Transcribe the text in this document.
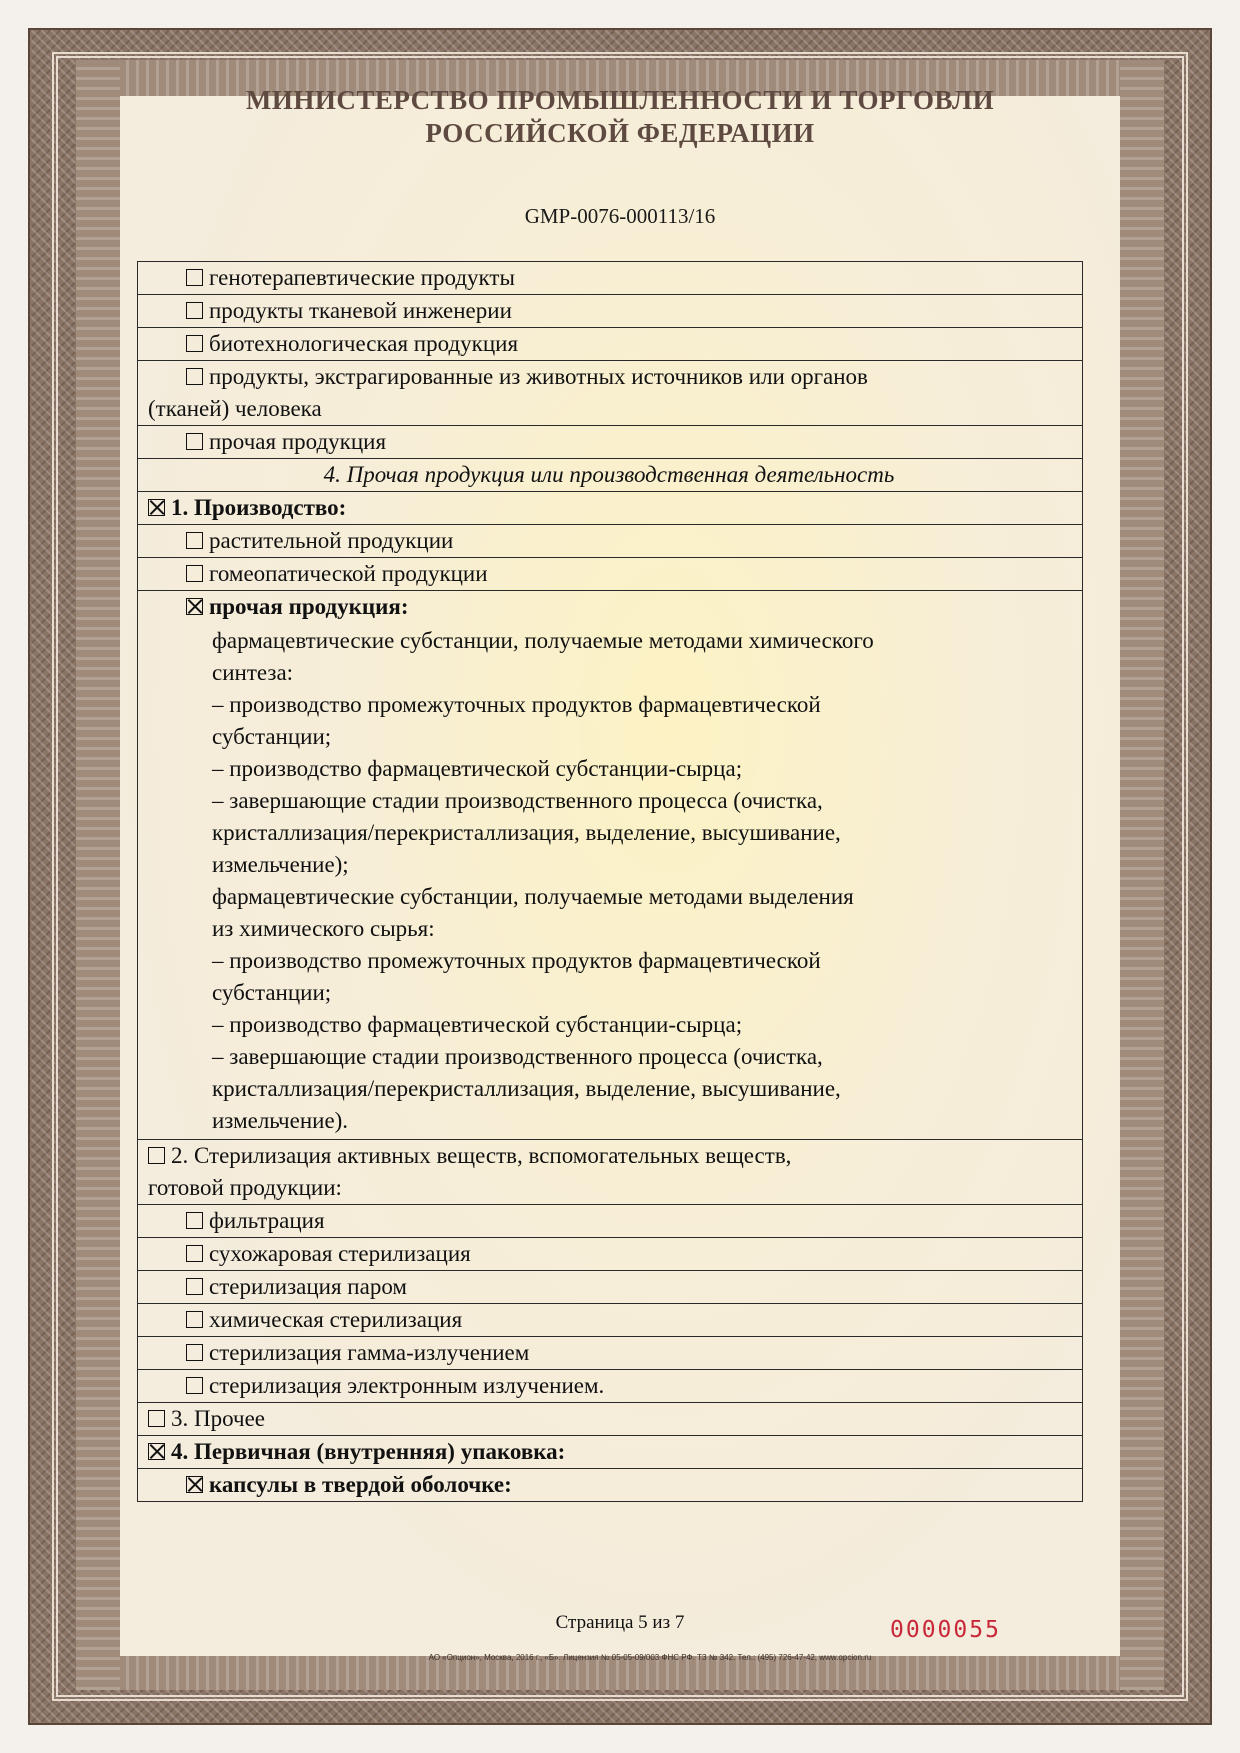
МИНИСТЕРСТВО ПРОМЫШЛЕННОСТИ И ТОРГОВЛИ
РОССИЙСКОЙ ФЕДЕРАЦИИ
GMP-0076-000113/16
генотерапевтические продукты
продукты тканевой инженерии
биотехнологическая продукция
продукты, экстрагированные из животных источников или органов
(тканей) человека
прочая продукция
4. Прочая продукция или производственная деятельность
1. Производство:
растительной продукции
гомеопатической продукции
прочая продукция:
фармацевтические субстанции, получаемые методами химического
синтеза:
– производство промежуточных продуктов фармацевтической
субстанции;
– производство фармацевтической субстанции-сырца;
– завершающие стадии производственного процесса (очистка,
кристаллизация/перекристаллизация, выделение, высушивание,
измельчение);
фармацевтические субстанции, получаемые методами выделения
из химического сырья:
– производство промежуточных продуктов фармацевтической
субстанции;
– производство фармацевтической субстанции-сырца;
– завершающие стадии производственного процесса (очистка,
кристаллизация/перекристаллизация, выделение, высушивание,
измельчение).

2. Стерилизация активных веществ, вспомогательных веществ,
готовой продукции:
фильтрация
сухожаровая стерилизация
стерилизация паром
химическая стерилизация
стерилизация гамма-излучением
стерилизация электронным излучением.
3. Прочее
4. Первичная (внутренняя) упаковка:
капсулы в твердой оболочке:
Страница 5 из 7	0000055
АО «Опцион», Москва, 2016 г., «Б». Лицензия № 05-05-09/003 ФНС РФ. ТЗ № 342. Тел.: (495) 726-47-42, www.opcion.ru
